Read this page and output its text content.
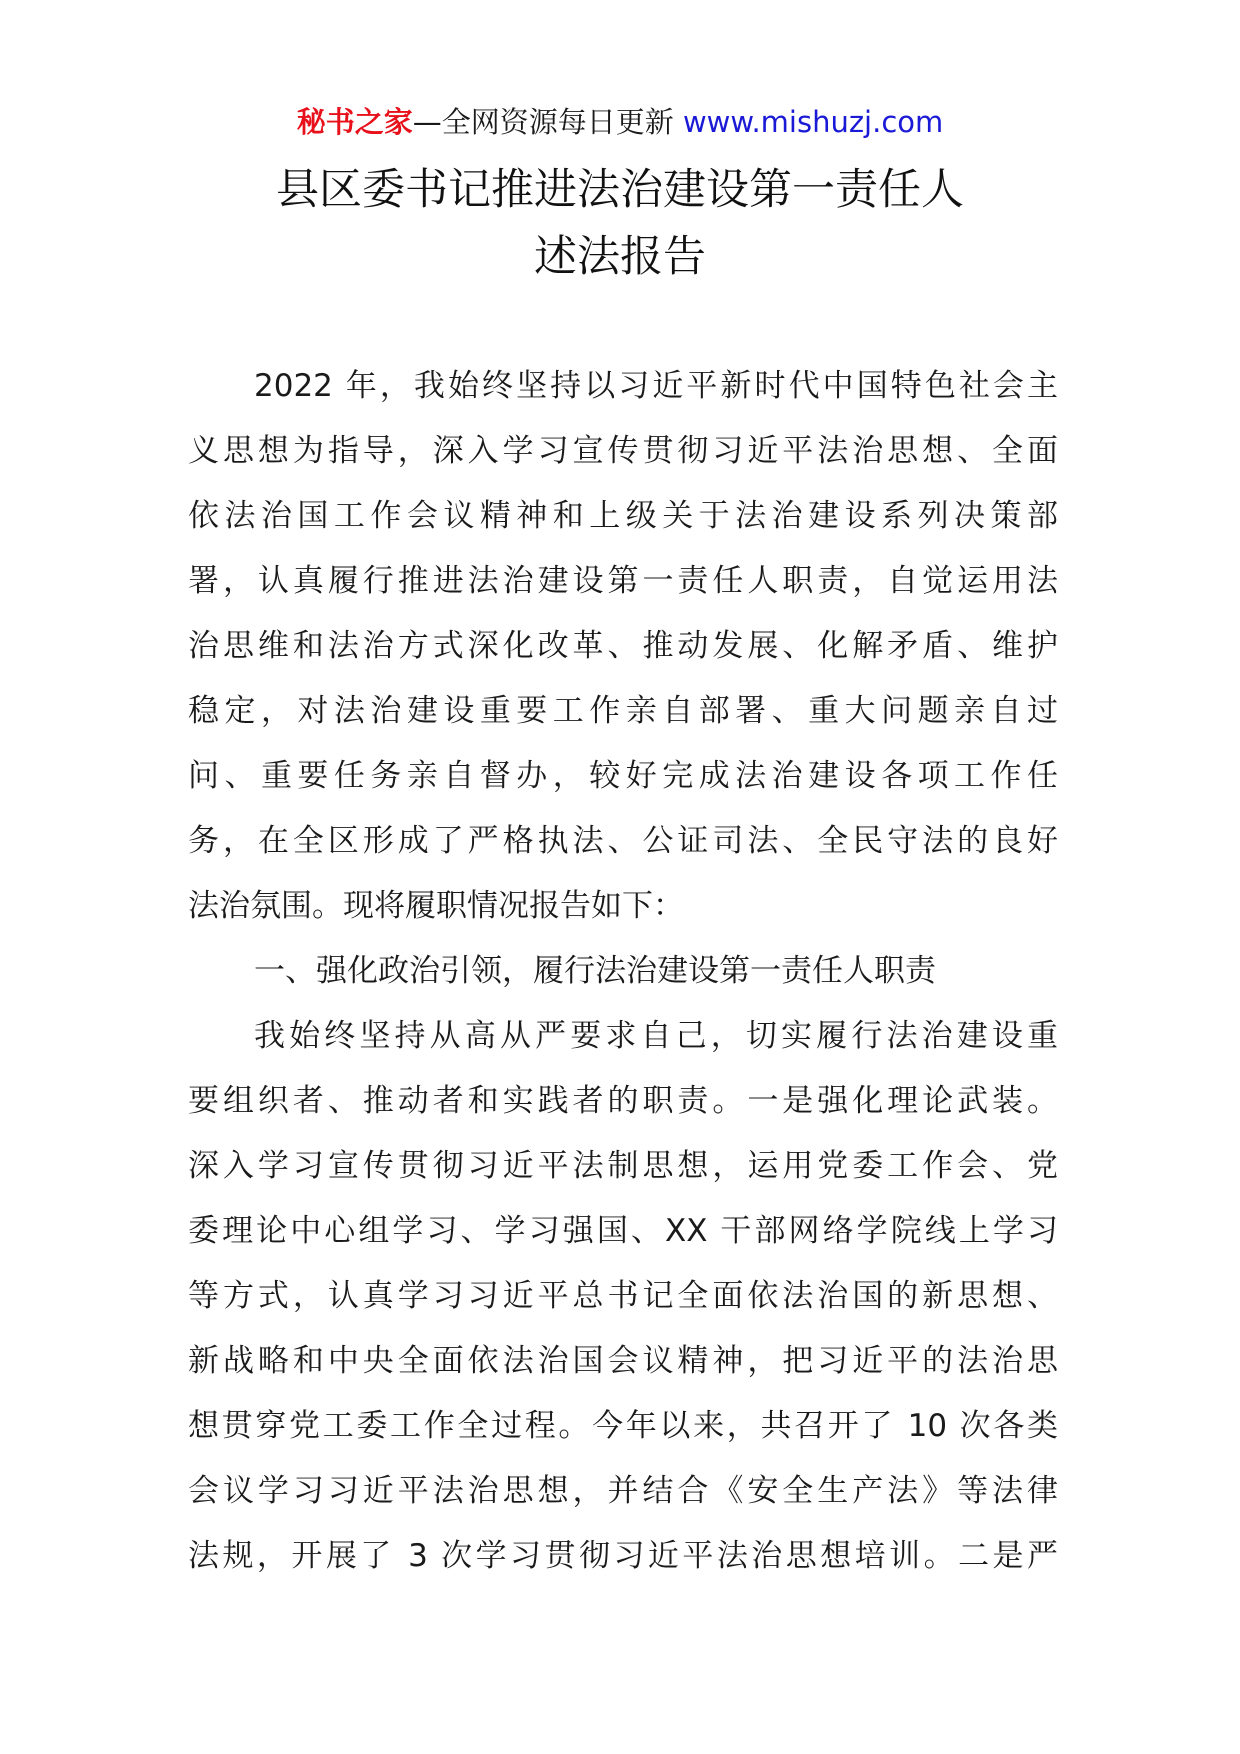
秘书之家—全网资源每日更新 www.mishuzj.com
县区委书记推进法治建设第一责任人
述法报告
2022 年，我始终坚持以习近平新时代中国特色社会主
义思想为指导，深入学习宣传贯彻习近平法治思想、全面
依法治国工作会议精神和上级关于法治建设系列决策部
署，认真履行推进法治建设第一责任人职责，自觉运用法
治思维和法治方式深化改革、推动发展、化解矛盾、维护
稳定，对法治建设重要工作亲自部署、重大问题亲自过
问、重要任务亲自督办，较好完成法治建设各项工作任
务，在全区形成了严格执法、公证司法、全民守法的良好
法治氛围。现将履职情况报告如下：
一、强化政治引领，履行法治建设第一责任人职责
我始终坚持从高从严要求自己，切实履行法治建设重
要组织者、推动者和实践者的职责。一是强化理论武装。
深入学习宣传贯彻习近平法制思想，运用党委工作会、党
委理论中心组学习、学习强国、XX 干部网络学院线上学习
等方式，认真学习习近平总书记全面依法治国的新思想、
新战略和中央全面依法治国会议精神，把习近平的法治思
想贯穿党工委工作全过程。今年以来，共召开了 10 次各类
会议学习习近平法治思想，并结合《安全生产法》等法律
法规，开展了 3 次学习贯彻习近平法治思想培训。二是严
